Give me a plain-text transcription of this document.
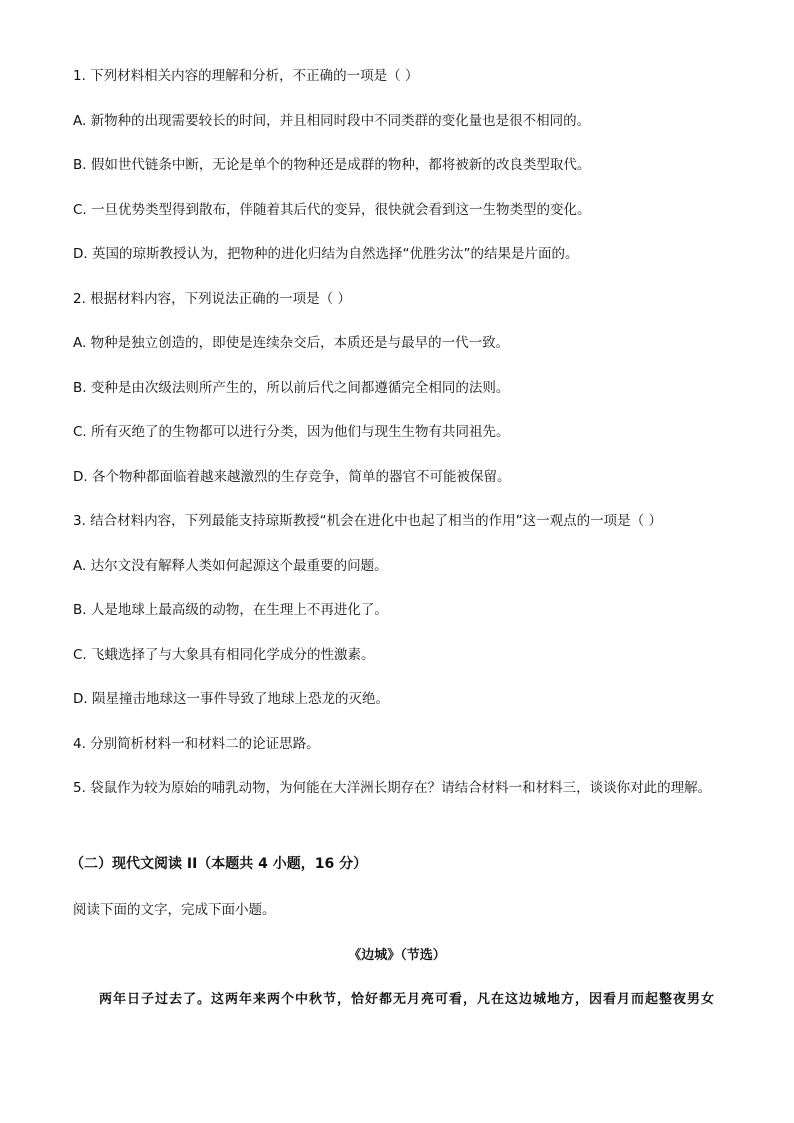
1. 下列材料相关内容的理解和分析，不正确的一项是（ ）
A. 新物种的出现需要较长的时间，并且相同时段中不同类群的变化量也是很不相同的。
B. 假如世代链条中断，无论是单个的物种还是成群的物种，都将被新的改良类型取代。
C. 一旦优势类型得到散布，伴随着其后代的变异，很快就会看到这一生物类型的变化。
D. 英国的琼斯教授认为，把物种的进化归结为自然选择“优胜劣汰”的结果是片面的。
2. 根据材料内容，下列说法正确的一项是（ ）
A. 物种是独立创造的，即使是连续杂交后，本质还是与最早的一代一致。
B. 变种是由次级法则所产生的，所以前后代之间都遵循完全相同的法则。
C. 所有灭绝了的生物都可以进行分类，因为他们与现生生物有共同祖先。
D. 各个物种都面临着越来越激烈的生存竞争，简单的器官不可能被保留。
3. 结合材料内容，下列最能支持琼斯教授“机会在进化中也起了相当的作用”这一观点的一项是（ ）
A. 达尔文没有解释人类如何起源这个最重要的问题。
B. 人是地球上最高级的动物，在生理上不再进化了。
C. 飞蛾选择了与大象具有相同化学成分的性激素。
D. 陨星撞击地球这一事件导致了地球上恐龙的灭绝。
4. 分别简析材料一和材料二的论证思路。
5. 袋鼠作为较为原始的哺乳动物，为何能在大洋洲长期存在？请结合材料一和材料三，谈谈你对此的理解。
（二）现代文阅读 II（本题共 4 小题，16 分）
阅读下面的文字，完成下面小题。
《边城》（节选）
两年日子过去了。这两年来两个中秋节，恰好都无月亮可看，凡在这边城地方，因看月而起整夜男女
